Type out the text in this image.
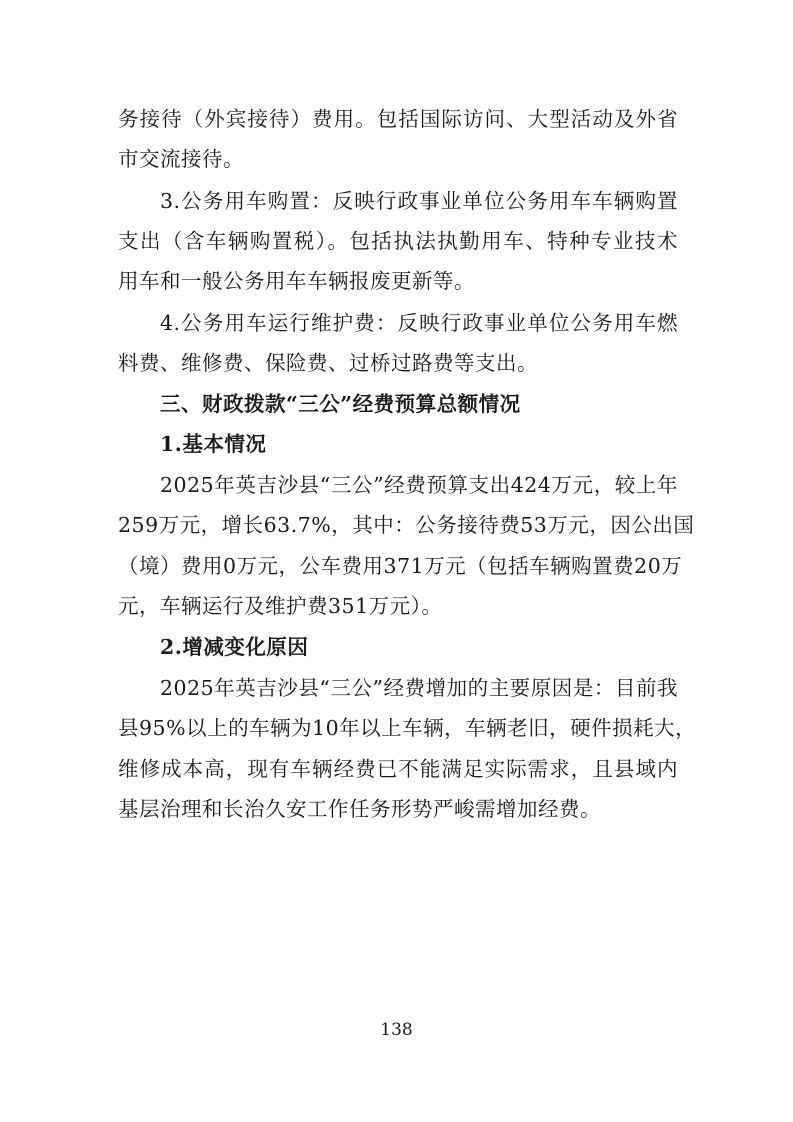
务接待（外宾接待）费用。包括国际访问、大型活动及外省
市交流接待。
3.公务用车购置：反映行政事业单位公务用车车辆购置
支出（含车辆购置税）。包括执法执勤用车、特种专业技术
用车和一般公务用车车辆报废更新等。
4.公务用车运行维护费：反映行政事业单位公务用车燃
料费、维修费、保险费、过桥过路费等支出。
三、财政拨款“三公”经费预算总额情况
1.基本情况
2025年英吉沙县“三公”经费预算支出424万元，较上年
259万元，增长63.7%，其中：公务接待费53万元，因公出国
（境）费用0万元，公车费用371万元（包括车辆购置费20万
元，车辆运行及维护费351万元）。
2.增减变化原因
2025年英吉沙县“三公”经费增加的主要原因是：目前我
县95%以上的车辆为10年以上车辆，车辆老旧，硬件损耗大，
维修成本高，现有车辆经费已不能满足实际需求，且县域内
基层治理和长治久安工作任务形势严峻需增加经费。
138
